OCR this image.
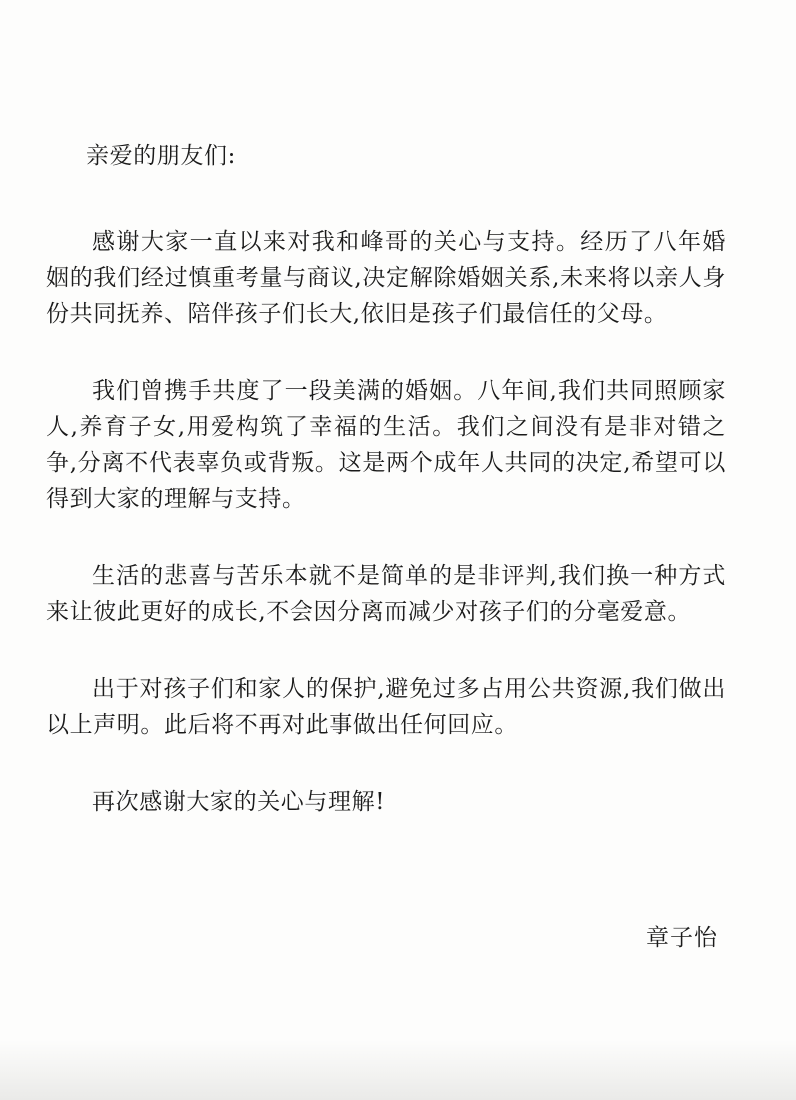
亲爱的朋友们:

感谢大家一直以来对我和峰哥的关心与支持。经历了八年婚姻的我们经过慎重考量与商议,决定解除婚姻关系,未来将以亲人身份共同抚养、陪伴孩子们长大,依旧是孩子们最信任的父母。

我们曾携手共度了一段美满的婚姻。八年间,我们共同照顾家人,养育子女,用爱构筑了幸福的生活。我们之间没有是非对错之争,分离不代表辜负或背叛。这是两个成年人共同的决定,希望可以得到大家的理解与支持。

生活的悲喜与苦乐本就不是简单的是非评判,我们换一种方式来让彼此更好的成长,不会因分离而减少对孩子们的分毫爱意。

出于对孩子们和家人的保护,避免过多占用公共资源,我们做出以上声明。此后将不再对此事做出任何回应。

再次感谢大家的关心与理解!

章子怡
